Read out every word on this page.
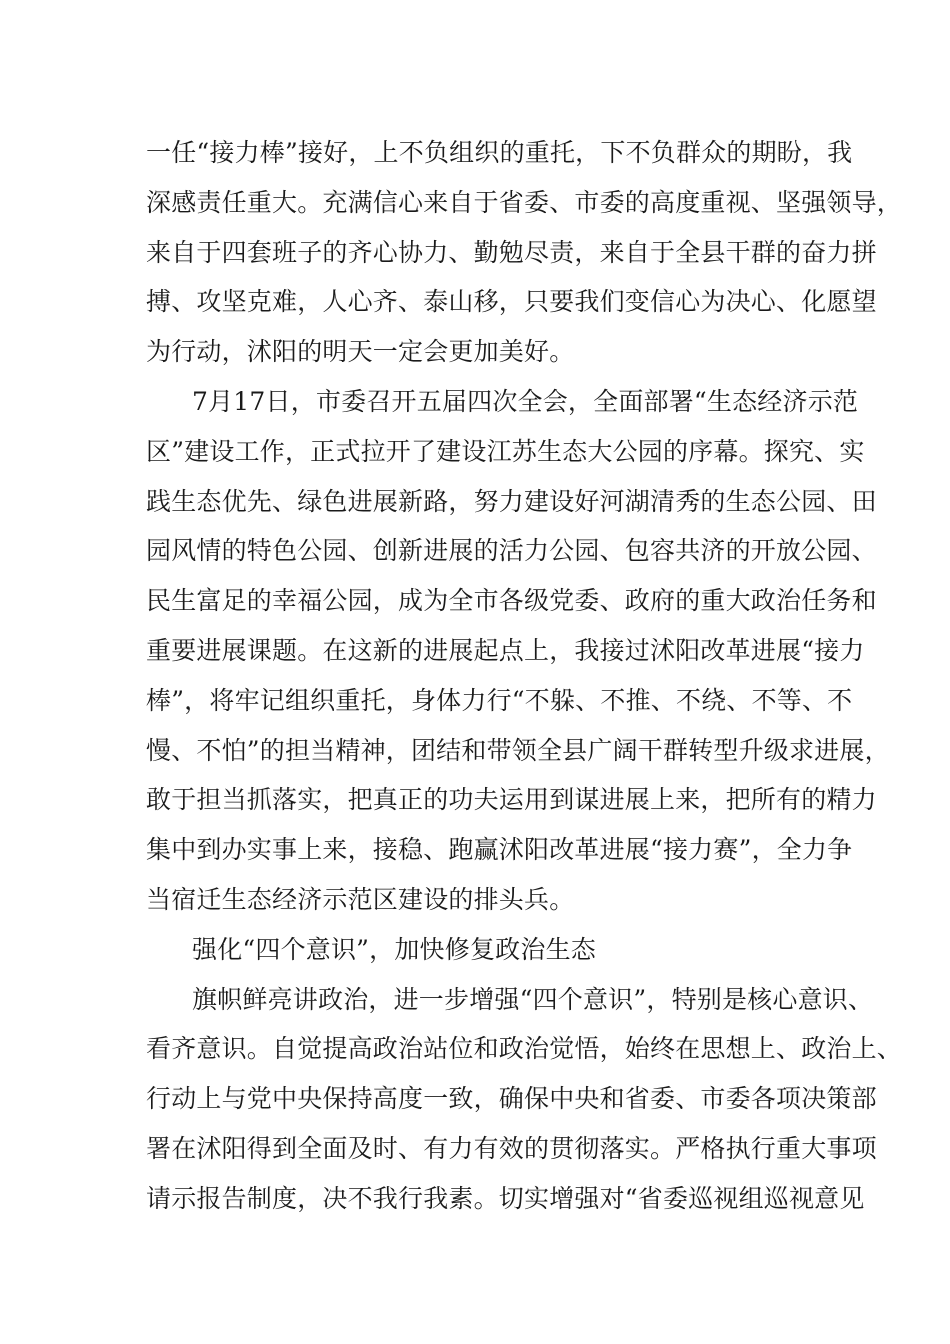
一任“接力棒”接好，上不负组织的重托，下不负群众的期盼，我
深感责任重大。充满信心来自于省委、市委的高度重视、坚强领导，
来自于四套班子的齐心协力、勤勉尽责，来自于全县干群的奋力拼
搏、攻坚克难，人心齐、泰山移，只要我们变信心为决心、化愿望
为行动，沭阳的明天一定会更加美好。
7月17日，市委召开五届四次全会，全面部署“生态经济示范
区”建设工作，正式拉开了建设江苏生态大公园的序幕。探究、实
践生态优先、绿色进展新路，努力建设好河湖清秀的生态公园、田
园风情的特色公园、创新进展的活力公园、包容共济的开放公园、
民生富足的幸福公园，成为全市各级党委、政府的重大政治任务和
重要进展课题。在这新的进展起点上，我接过沭阳改革进展“接力
棒”，将牢记组织重托，身体力行“不躲、不推、不绕、不等、不
慢、不怕”的担当精神，团结和带领全县广阔干群转型升级求进展，
敢于担当抓落实，把真正的功夫运用到谋进展上来，把所有的精力
集中到办实事上来，接稳、跑赢沭阳改革进展“接力赛”，全力争
当宿迁生态经济示范区建设的排头兵。
强化“四个意识”，加快修复政治生态
旗帜鲜亮讲政治，进一步增强“四个意识”，特别是核心意识、
看齐意识。自觉提高政治站位和政治觉悟，始终在思想上、政治上、
行动上与党中央保持高度一致，确保中央和省委、市委各项决策部
署在沭阳得到全面及时、有力有效的贯彻落实。严格执行重大事项
请示报告制度，决不我行我素。切实增强对“省委巡视组巡视意见
